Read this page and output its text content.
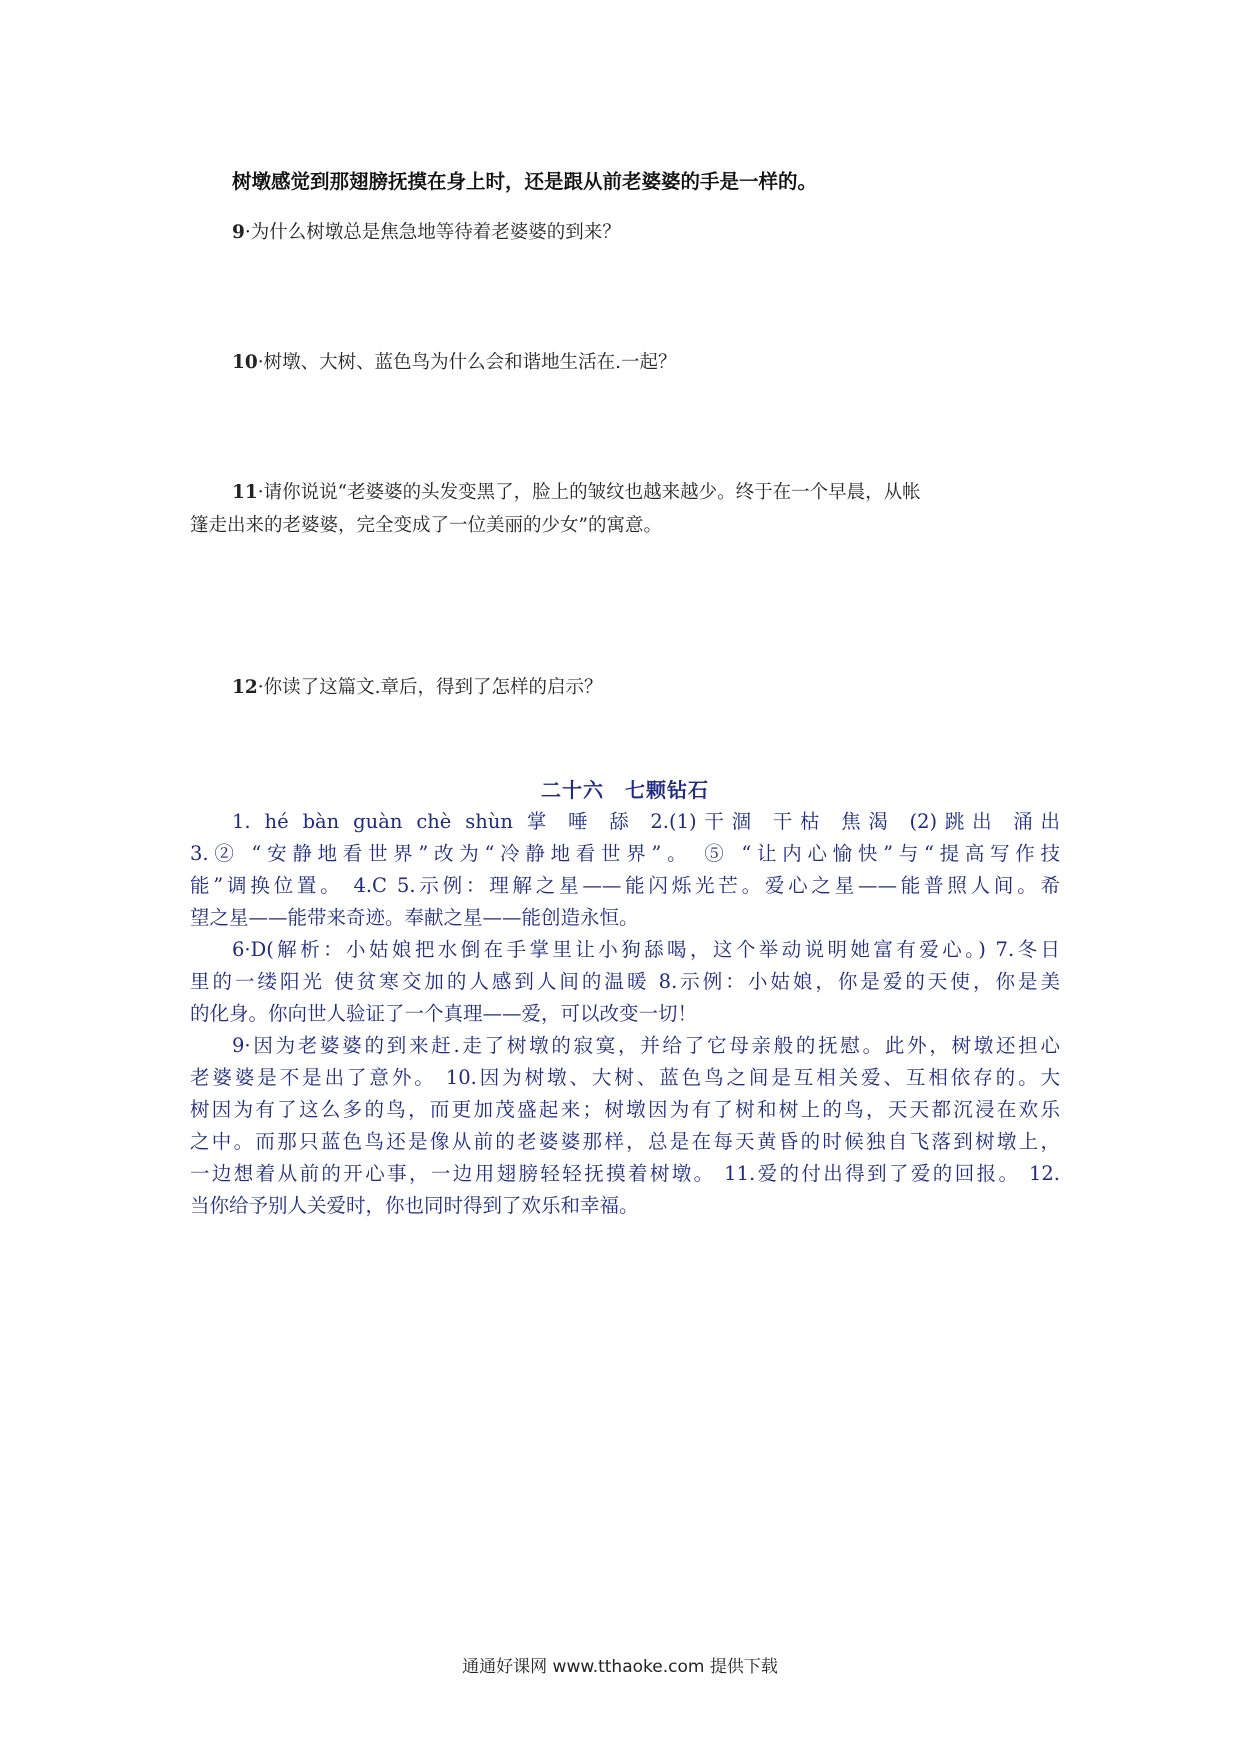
树墩感觉到那翅膀抚摸在身上时，还是跟从前老婆婆的手是一样的。
9·为什么树墩总是焦急地等待着老婆婆的到来？
10·树墩、大树、蓝色鸟为什么会和谐地生活在.一起？
11·请你说说“老婆婆的头发变黑了，脸上的皱纹也越来越少。终于在一个早晨，从帐
篷走出来的老婆婆，完全变成了一位美丽的少女”的寓意。
12·你读了这篇文.章后，得到了怎样的启示？
二十六　七颗钻石
1. hé bàn guàn chè shùn 掌 唾 舔 2.(1)干涸 干枯 焦渴 (2)跳出 涌出
3.② “安静地看世界”改为“冷静地看世界”。 ⑤ “让内心愉快”与“提高写作技
能”调换位置。 4.C 5.示例：理解之星——能闪烁光芒。爱心之星——能普照人间。希
望之星——能带来奇迹。奉献之星——能创造永恒。
6·D(解析：小姑娘把水倒在手掌里让小狗舔喝，这个举动说明她富有爱心。) 7.冬日
里的一缕阳光 使贫寒交加的人感到人间的温暖 8.示例：小姑娘，你是爱的天使，你是美
的化身。你向世人验证了一个真理——爱，可以改变一切！
9·因为老婆婆的到来赶.走了树墩的寂寞，并给了它母亲般的抚慰。此外，树墩还担心
老婆婆是不是出了意外。 10.因为树墩、大树、蓝色鸟之间是互相关爱、互相依存的。大
树因为有了这么多的鸟，而更加茂盛起来；树墩因为有了树和树上的鸟，天天都沉浸在欢乐
之中。而那只蓝色鸟还是像从前的老婆婆那样，总是在每天黄昏的时候独自飞落到树墩上，
一边想着从前的开心事，一边用翅膀轻轻抚摸着树墩。 11.爱的付出得到了爱的回报。 12.
当你给予别人关爱时，你也同时得到了欢乐和幸福。
通通好课网 www.tthaoke.com 提供下载
